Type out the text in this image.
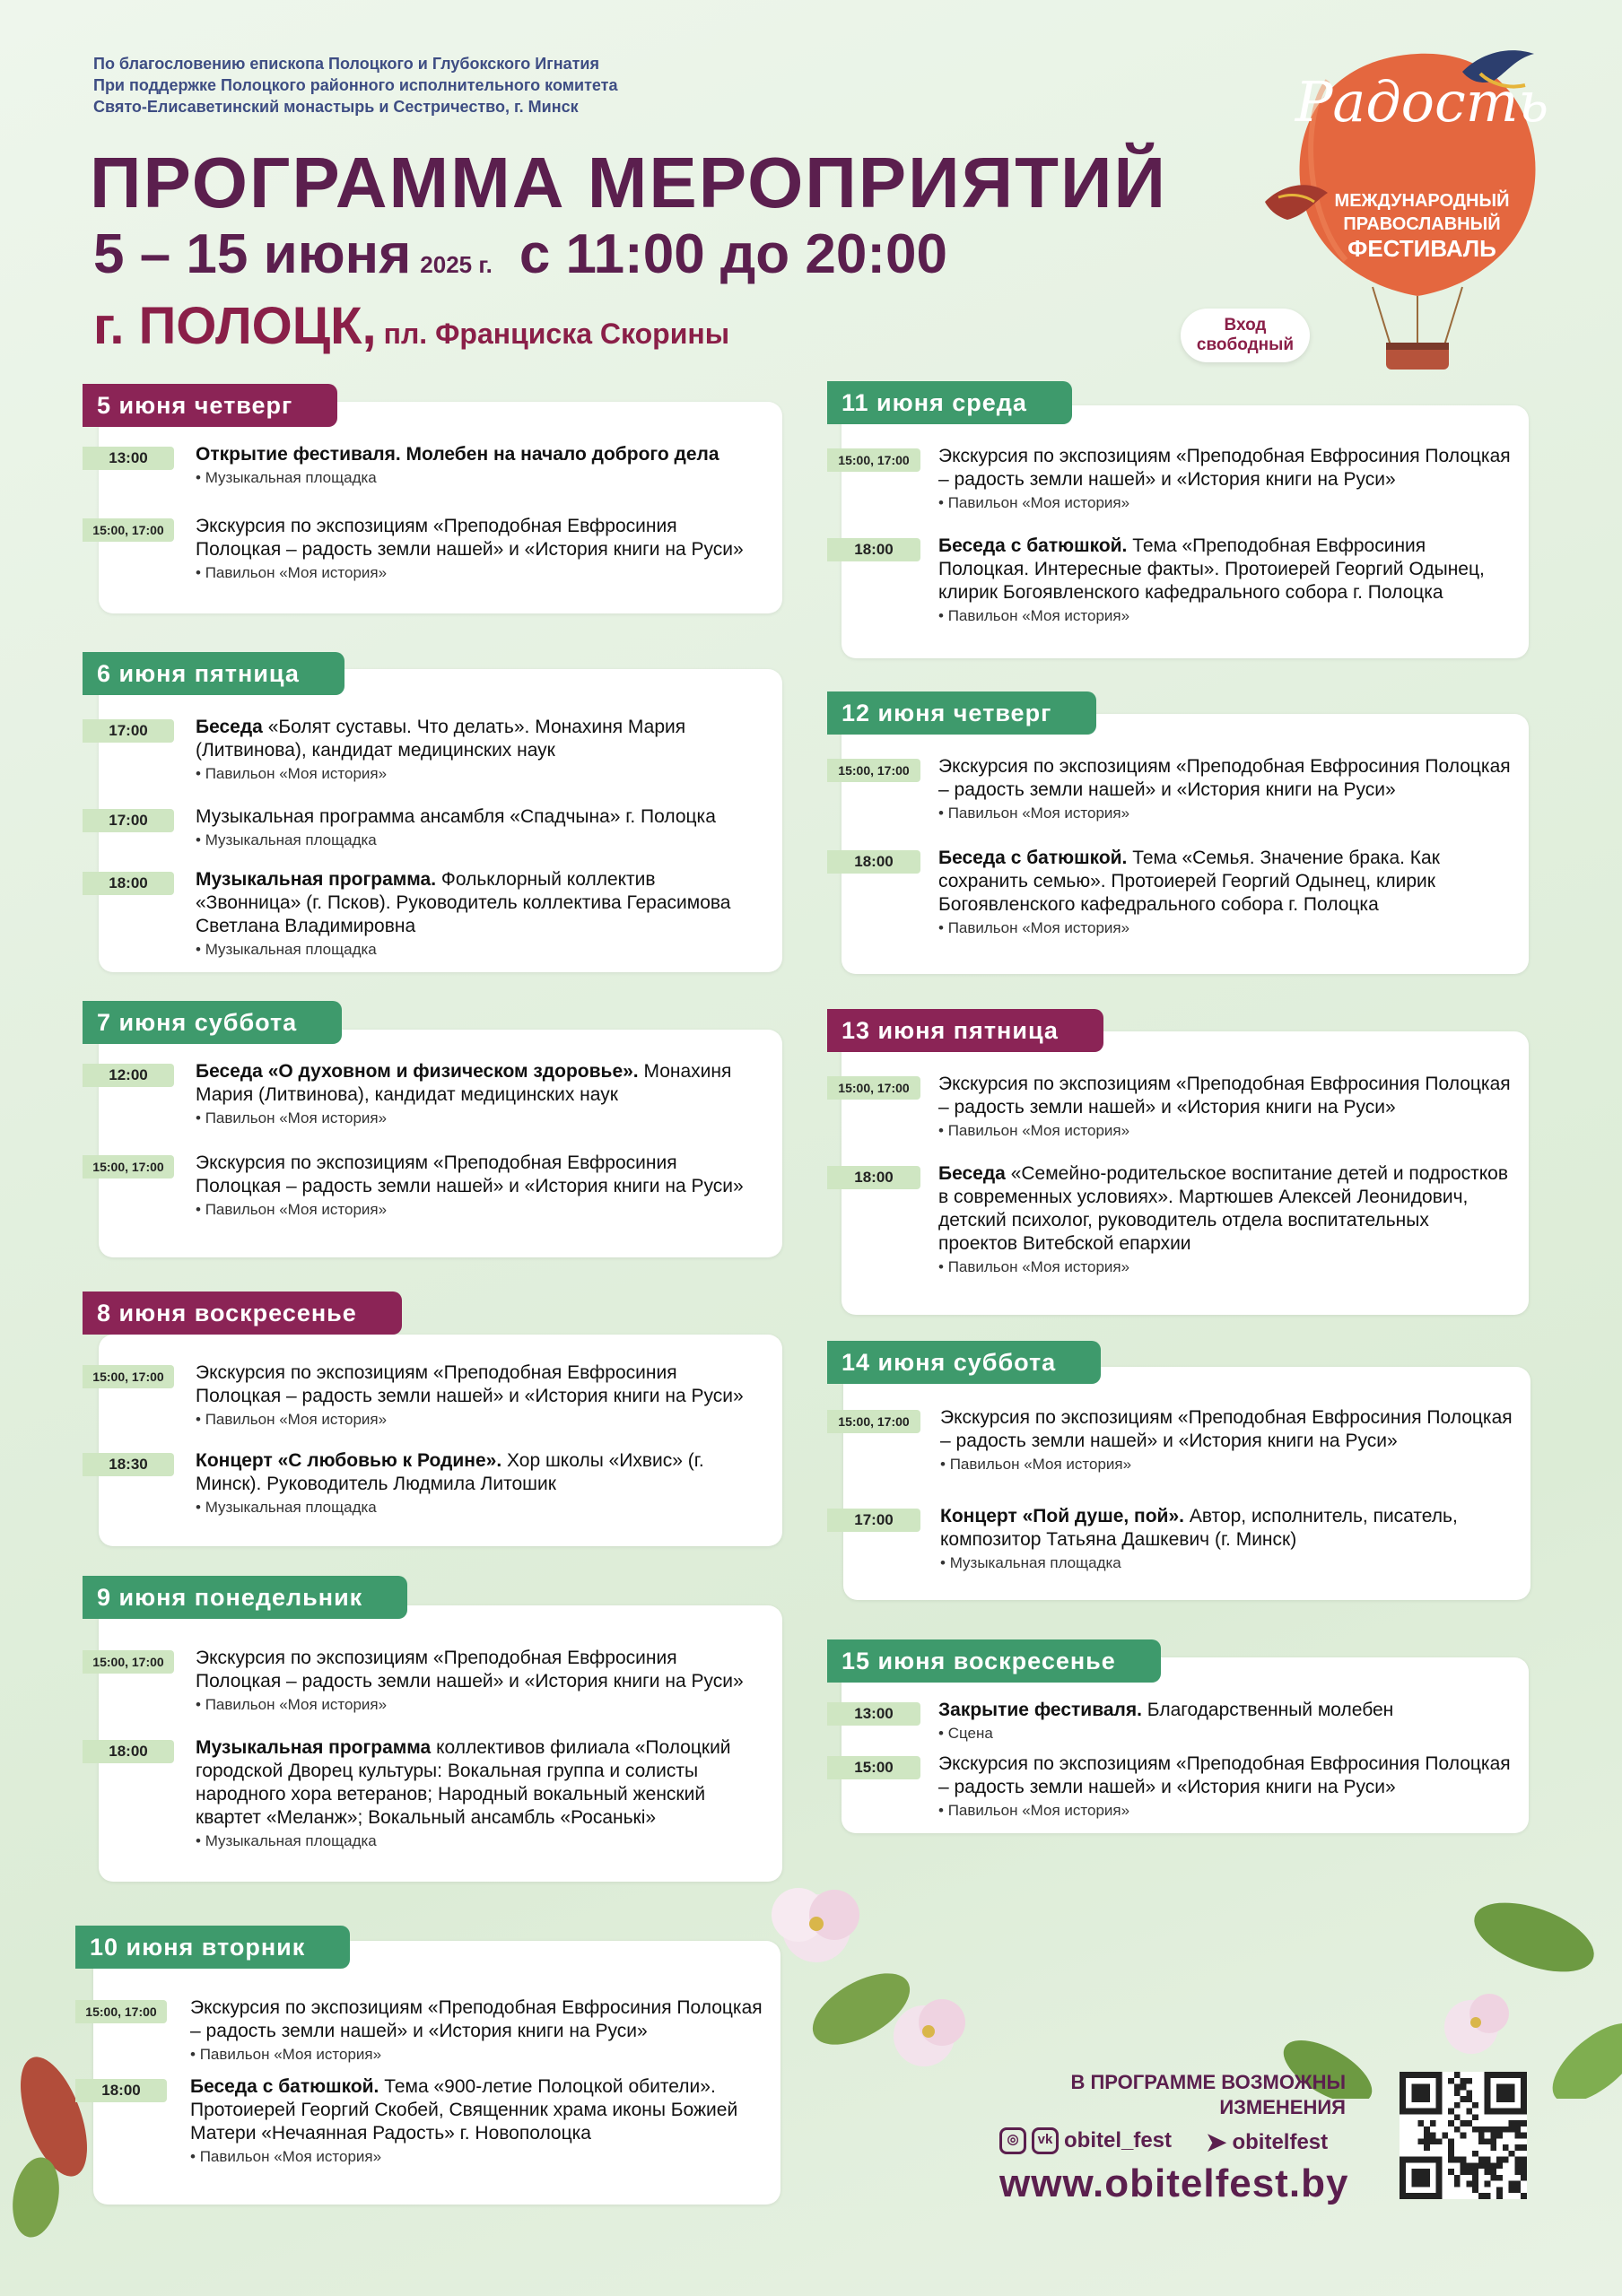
По благословению епископа Полоцкого и Глубокского Игнатия
При поддержке Полоцкого районного исполнительного комитета
Свято-Елисаветинский монастырь и Сестричество, г. Минск
ПРОГРАММА МЕРОПРИЯТИЙ
5 – 15 июня 2025 г. с 11:00 до 20:00
г. ПОЛОЦК, пл. Франциска Скорины
Радость
МЕЖДУНАРОДНЫЙ
ПРАВОСЛАВНЫЙ
ФЕСТИВАЛЬ
Вход
свободный
5 июня четверг
13:00	Открытие фестиваля. Молебен на начало доброго дела
• Музыкальная площадка
15:00, 17:00	Экскурсия по экспозициям «Преподобная Евфросиния Полоцкая – радость земли нашей» и «История книги на Руси»
• Павильон «Моя история»
6 июня пятница
17:00	Беседа «Болят суставы. Что делать». Монахиня Мария (Литвинова), кандидат медицинских наук
• Павильон «Моя история»
17:00	Музыкальная программа ансамбля «Спадчына» г. Полоцка
• Музыкальная площадка
18:00	Музыкальная программа. Фольклорный коллектив «Звонница» (г. Псков). Руководитель коллектива Герасимова Светлана Владимировна
• Музыкальная площадка
7 июня суббота
12:00	Беседа «О духовном и физическом здоровье». Монахиня Мария (Литвинова), кандидат медицинских наук
• Павильон «Моя история»
15:00, 17:00	Экскурсия по экспозициям «Преподобная Евфросиния Полоцкая – радость земли нашей» и «История книги на Руси»
• Павильон «Моя история»
8 июня воскресенье
15:00, 17:00	Экскурсия по экспозициям «Преподобная Евфросиния Полоцкая – радость земли нашей» и «История книги на Руси»
• Павильон «Моя история»
18:30	Концерт «С любовью к Родине». Хор школы «Ихвис» (г. Минск). Руководитель Людмила Литошик
• Музыкальная площадка
9 июня понедельник
15:00, 17:00	Экскурсия по экспозициям «Преподобная Евфросиния Полоцкая – радость земли нашей» и «История книги на Руси»
• Павильон «Моя история»
18:00	Музыкальная программа коллективов филиала «Полоцкий городской Дворец культуры: Вокальная группа и солисты народного хора ветеранов; Народный вокальный женский квартет «Меланж»; Вокальный ансамбль «Росанькi»
• Музыкальная площадка
10 июня вторник
15:00, 17:00	Экскурсия по экспозициям «Преподобная Евфросиния Полоцкая – радость земли нашей» и «История книги на Руси»
• Павильон «Моя история»
18:00	Беседа с батюшкой. Тема «900-летие Полоцкой обители». Протоиерей Георгий Скобей, Священник храма иконы Божией Матери «Нечаянная Радость» г. Новополоцка
• Павильон «Моя история»
11 июня среда
15:00, 17:00	Экскурсия по экспозициям «Преподобная Евфросиния Полоцкая – радость земли нашей» и «История книги на Руси»
• Павильон «Моя история»
18:00	Беседа с батюшкой. Тема «Преподобная Евфросиния Полоцкая. Интересные факты». Протоиерей Георгий Одынец, клирик Богоявленского кафедрального собора г. Полоцка
• Павильон «Моя история»
12 июня четверг
15:00, 17:00	Экскурсия по экспозициям «Преподобная Евфросиния Полоцкая – радость земли нашей» и «История книги на Руси»
• Павильон «Моя история»
18:00	Беседа с батюшкой. Тема «Семья. Значение брака. Как сохранить семью». Протоиерей Георгий Одынец, клирик Богоявленского кафедрального собора г. Полоцка
• Павильон «Моя история»
13 июня пятница
15:00, 17:00	Экскурсия по экспозициям «Преподобная Евфросиния Полоцкая – радость земли нашей» и «История книги на Руси»
• Павильон «Моя история»
18:00	Беседа «Семейно-родительское воспитание детей и подростков в современных условиях». Мартюшев Алексей Леонидович, детский психолог, руководитель отдела воспитательных проектов Витебской епархии
• Павильон «Моя история»
14 июня суббота
15:00, 17:00	Экскурсия по экспозициям «Преподобная Евфросиния Полоцкая – радость земли нашей» и «История книги на Руси»
• Павильон «Моя история»
17:00	Концерт «Пой душе, пой». Автор, исполнитель, писатель, композитор Татьяна Дашкевич (г. Минск)
• Музыкальная площадка
15 июня воскресенье
13:00	Закрытие фестиваля. Благодарственный молебен
• Сцена
15:00	Экскурсия по экспозициям «Преподобная Евфросиния Полоцкая – радость земли нашей» и «История книги на Руси»
• Павильон «Моя история»
В ПРОГРАММЕ ВОЗМОЖНЫ
ИЗМЕНЕНИЯ
◎	vk obitel_fest ➤ obitelfest
www.obitelfest.by
